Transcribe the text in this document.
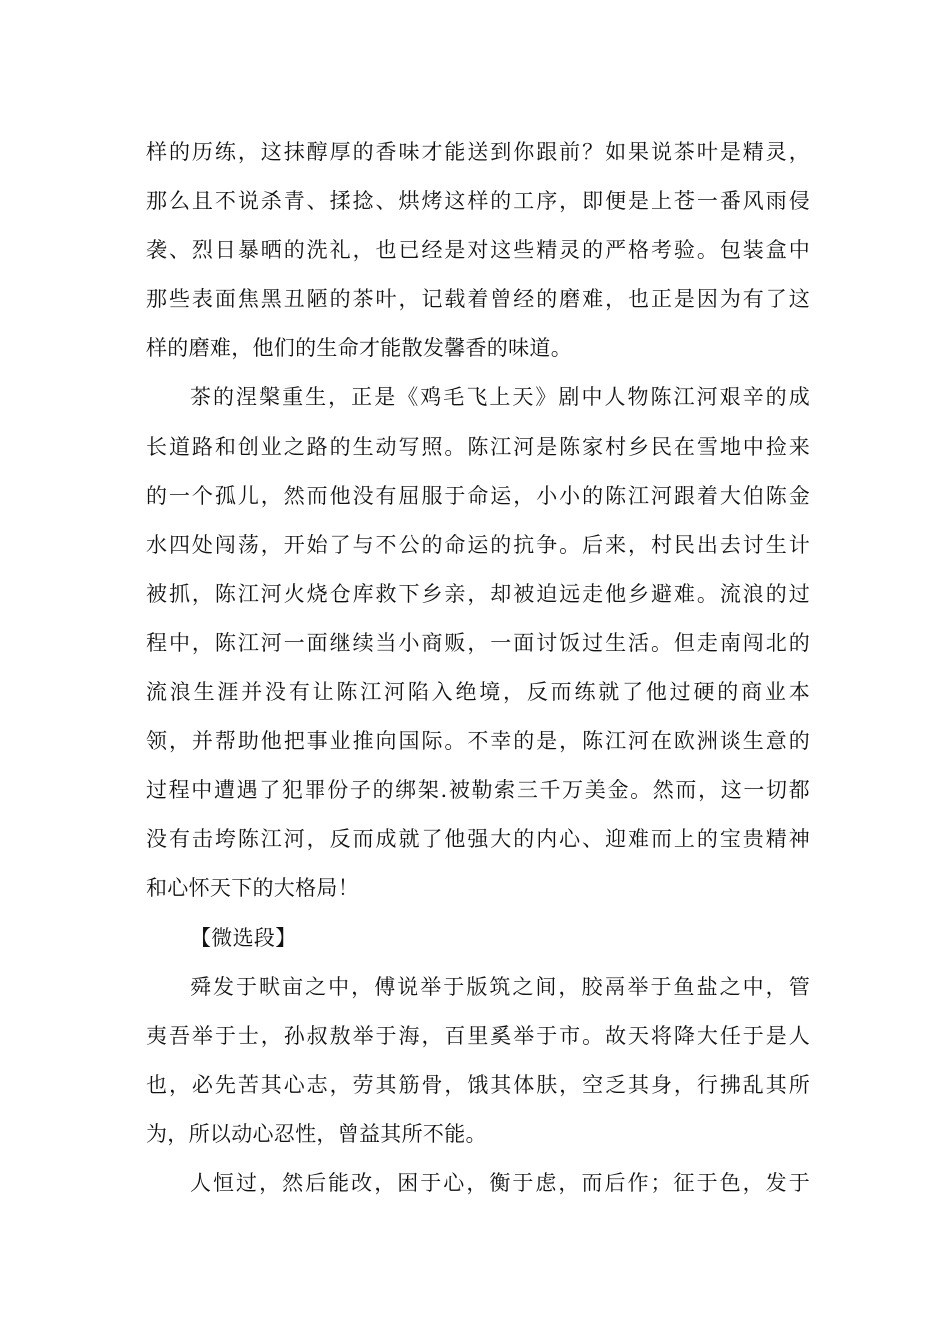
样的历练，这抹醇厚的香味才能送到你跟前？如果说茶叶是精灵，
那么且不说杀青、揉捻、烘烤这样的工序，即便是上苍一番风雨侵
袭、烈日暴晒的洗礼，也已经是对这些精灵的严格考验。包装盒中
那些表面焦黑丑陋的茶叶，记载着曾经的磨难，也正是因为有了这
样的磨难，他们的生命才能散发馨香的味道。
茶的涅槃重生，正是《鸡毛飞上天》剧中人物陈江河艰辛的成
长道路和创业之路的生动写照。陈江河是陈家村乡民在雪地中捡来
的一个孤儿，然而他没有屈服于命运，小小的陈江河跟着大伯陈金
水四处闯荡，开始了与不公的命运的抗争。后来，村民出去讨生计
被抓，陈江河火烧仓库救下乡亲，却被迫远走他乡避难。流浪的过
程中，陈江河一面继续当小商贩，一面讨饭过生活。但走南闯北的
流浪生涯并没有让陈江河陷入绝境，反而练就了他过硬的商业本
领，并帮助他把事业推向国际。不幸的是，陈江河在欧洲谈生意的
过程中遭遇了犯罪份子的绑架.被勒索三千万美金。然而，这一切都
没有击垮陈江河，反而成就了他强大的内心、迎难而上的宝贵精神
和心怀天下的大格局！
【微选段】
舜发于畎亩之中，傅说举于版筑之间，胶鬲举于鱼盐之中，管
夷吾举于士，孙叔敖举于海，百里奚举于市。故天将降大任于是人
也，必先苦其心志，劳其筋骨，饿其体肤，空乏其身，行拂乱其所
为，所以动心忍性，曾益其所不能。
人恒过，然后能改，困于心，衡于虑，而后作；征于色，发于
